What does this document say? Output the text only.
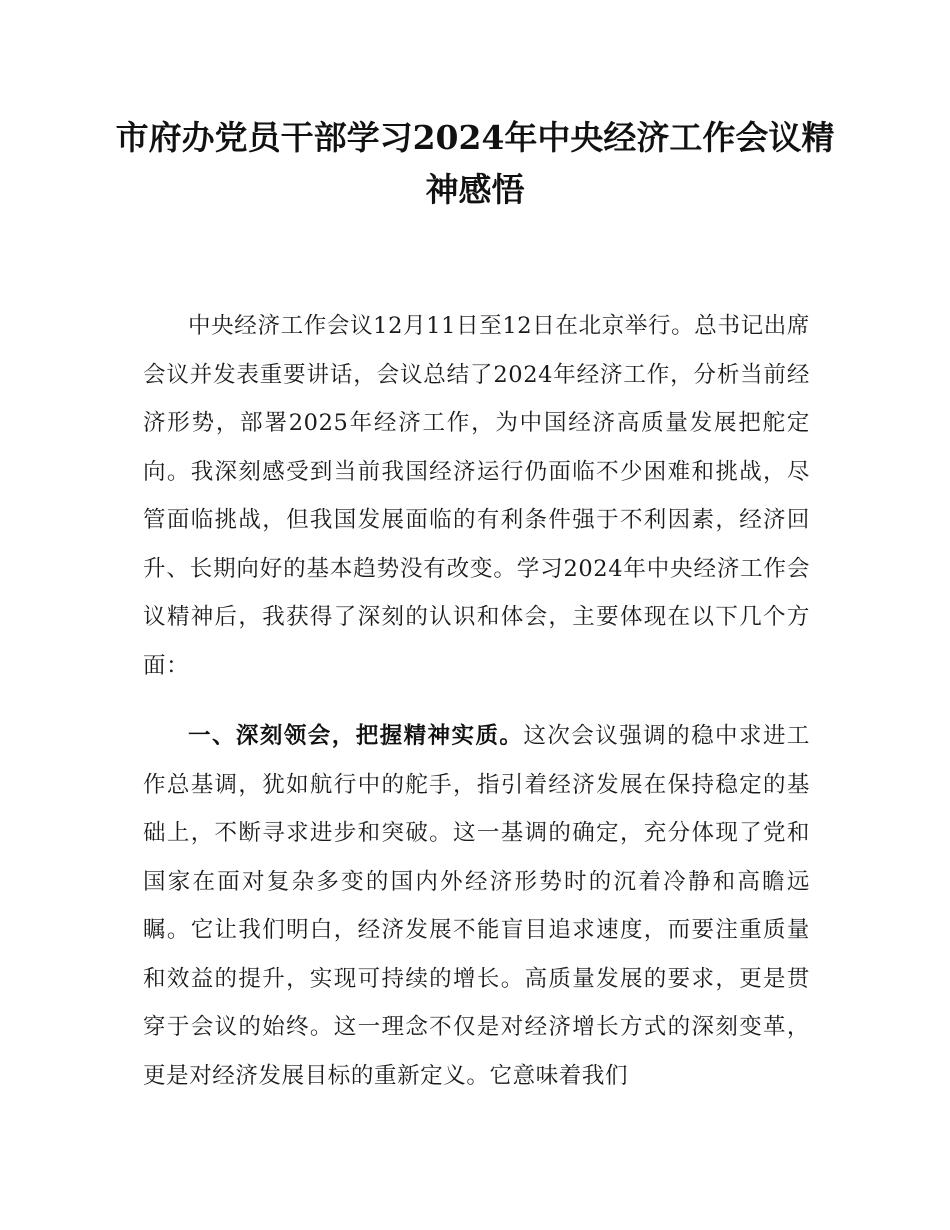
市府办党员干部学习2024年中央经济工作会议精神感悟

中央经济工作会议12月11日至12日在北京举行。总书记出席会议并发表重要讲话，会议总结了2024年经济工作，分析当前经济形势，部署2025年经济工作，为中国经济高质量发展把舵定向。我深刻感受到当前我国经济运行仍面临不少困难和挑战，尽管面临挑战，但我国发展面临的有利条件强于不利因素，经济回升、长期向好的基本趋势没有改变。学习2024年中央经济工作会议精神后，我获得了深刻的认识和体会，主要体现在以下几个方面：

一、深刻领会，把握精神实质。这次会议强调的稳中求进工作总基调，犹如航行中的舵手，指引着经济发展在保持稳定的基础上，不断寻求进步和突破。这一基调的确定，充分体现了党和国家在面对复杂多变的国内外经济形势时的沉着冷静和高瞻远瞩。它让我们明白，经济发展不能盲目追求速度，而要注重质量和效益的提升，实现可持续的增长。高质量发展的要求，更是贯穿于会议的始终。这一理念不仅是对经济增长方式的深刻变革，更是对经济发展目标的重新定义。它意味着我们
